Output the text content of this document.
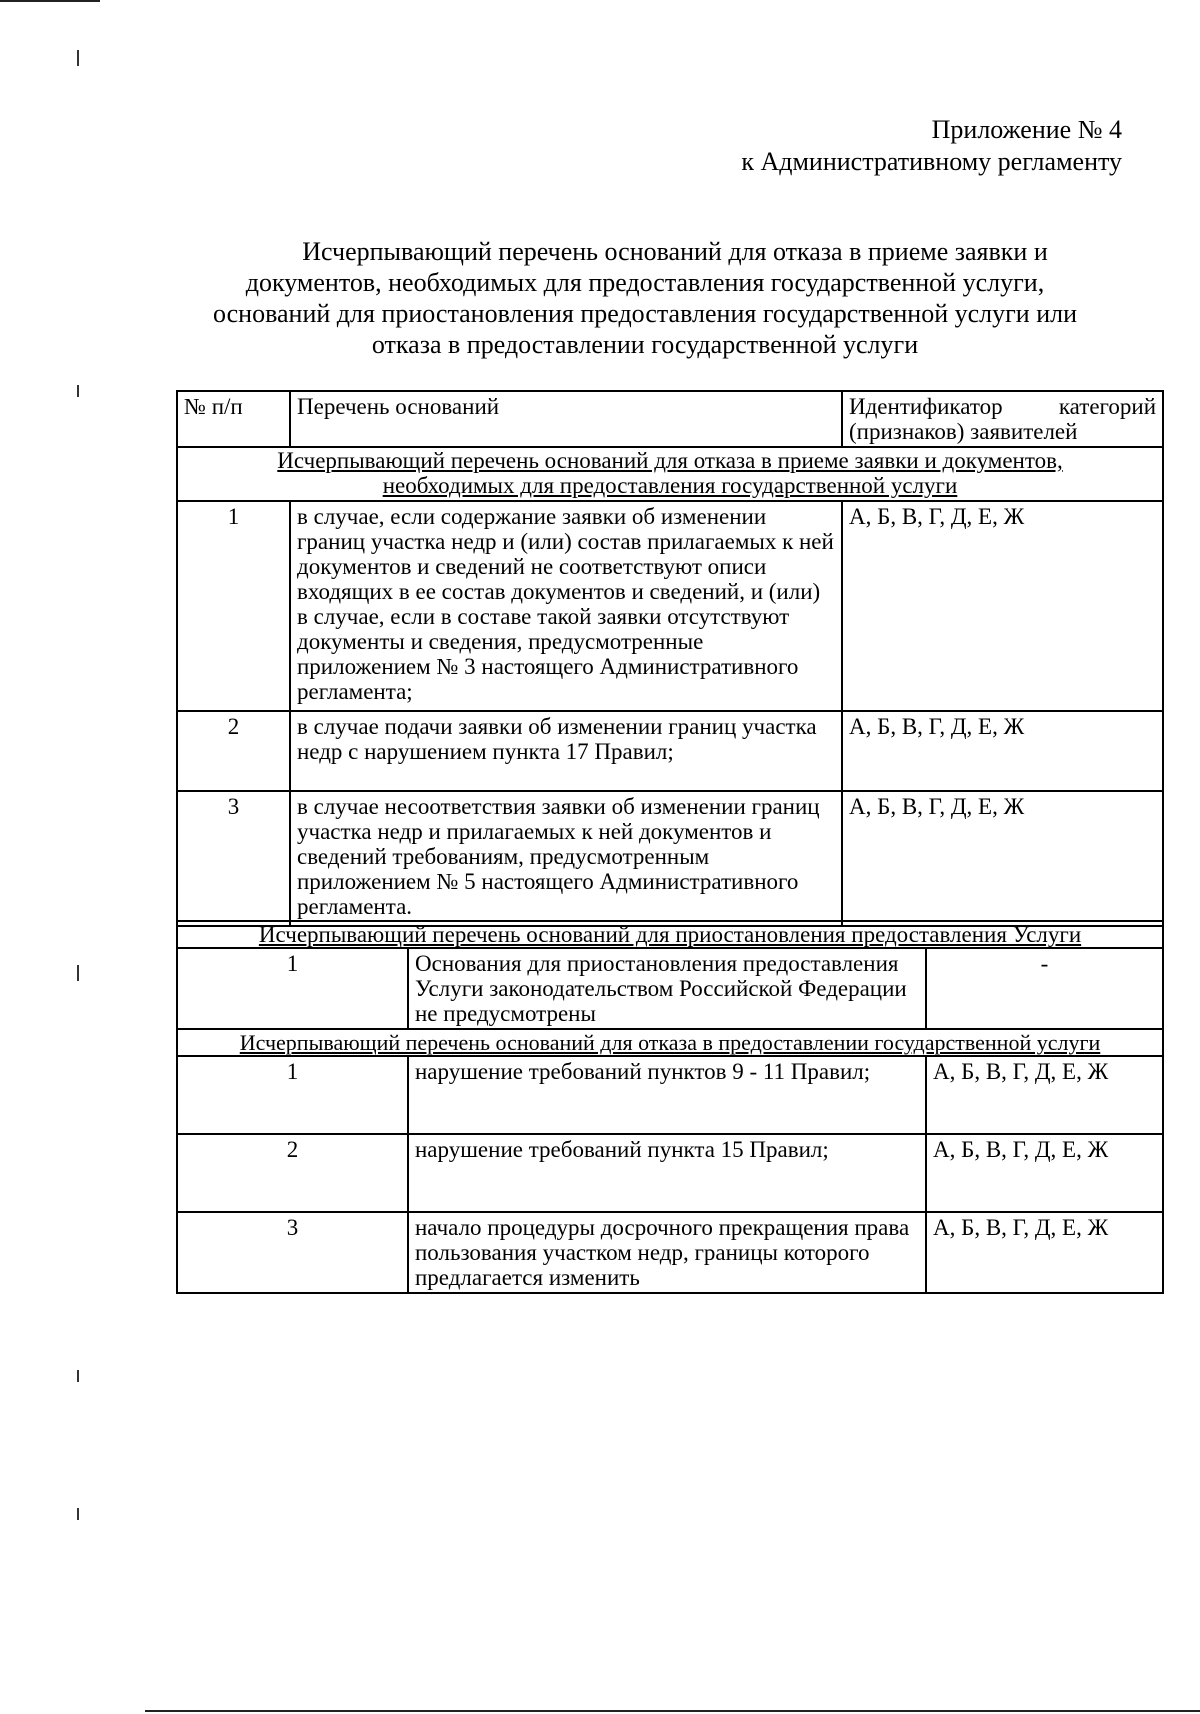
Приложение № 4
к Административному регламенту
Исчерпывающий перечень оснований для отказа в приеме заявки и
документов, необходимых для предоставления государственной услуги,
оснований для приостановления предоставления государственной услуги или
отказа в предоставлении государственной услуги
№ п/п	Перечень оснований	Идентификатор категорий
(признаков) заявителей

Исчерпывающий перечень оснований для отказа в приеме заявки и документов,
необходимых для предоставления государственной услуги		

1	в случае, если содержание заявки об изменении границ участка недр и (или) состав прилагаемых к ней документов и сведений не соответствуют описи входящих в ее состав документов и сведений, и (или) в случае, если в составе такой заявки отсутствуют документы и сведения, предусмотренные приложением № 3 настоящего Административного регламента;	А, Б, В, Г, Д, Е, Ж
2	в случае подачи заявки об изменении границ участка недр с нарушением пункта 17 Правил;	А, Б, В, Г, Д, Е, Ж
3	в случае несоответствия заявки об изменении границ участка недр и прилагаемых к ней документов и сведений требованиям, предусмотренным приложением № 5 настоящего Административного регламента.	А, Б, В, Г, Д, Е, Ж
Исчерпывающий перечень оснований для приостановления предоставления Услуги		
1	Основания для приостановления предоставления Услуги законодательством Российской Федерации не предусмотрены	-
Исчерпывающий перечень оснований для отказа в предоставлении государственной услуги		
1	нарушение требований пунктов 9 - 11 Правил;	А, Б, В, Г, Д, Е, Ж
2	нарушение требований пункта 15 Правил;	А, Б, В, Г, Д, Е, Ж
3	начало процедуры досрочного прекращения права пользования участком недр, границы которого предлагается изменить	А, Б, В, Г, Д, Е, Ж
